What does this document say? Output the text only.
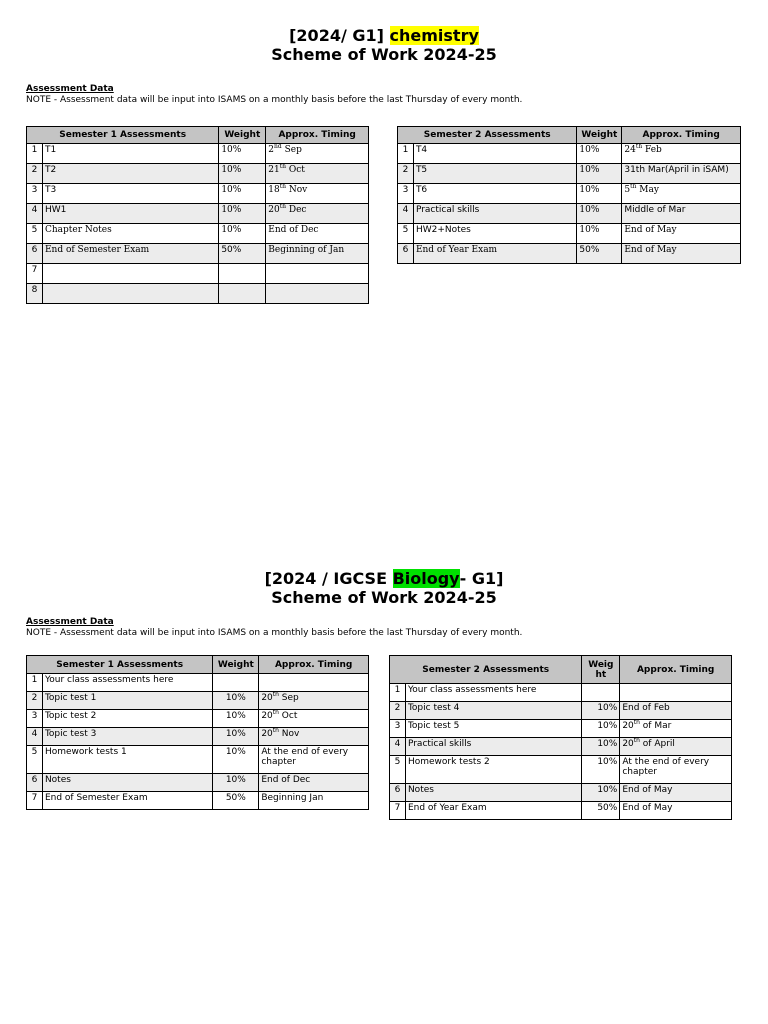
[2024/ G1] chemistry
Scheme of Work 2024-25
Assessment Data
NOTE - Assessment data will be input into ISAMS on a monthly basis before the last Thursday of every month.
Semester 1 Assessments		Weight	Approx. Timing
1	T1	10%	2nd Sep
2	T2	10%	21th Oct
3	T3	10%	18th Nov
4	HW1	10%	20th Dec
5	Chapter Notes	10%	End of Dec
6	End of Semester Exam	50%	Beginning of Jan
7			
8			
Semester 2 Assessments		Weight	Approx. Timing
1	T4	10%	24th Feb
2	T5	10%	31th Mar(April in iSAM)
3	T6	10%	5th May
4	Practical skills	10%	Middle of Mar
5	HW2+Notes	10%	End of May
6	End of Year Exam	50%	End of May
[2024 / IGCSE Biology- G1]
Scheme of Work 2024-25
Assessment Data
NOTE - Assessment data will be input into ISAMS on a monthly basis before the last Thursday of every month.
Semester 1 Assessments		Weight	Approx. Timing
1	Your class assessments here		
2	Topic test 1	10%	20th Sep
3	Topic test 2	10%	20th Oct
4	Topic test 3	10%	20th Nov
5	Homework tests 1	10%	At the end of every chapter
6	Notes	10%	End of Dec
7	End of Semester Exam	50%	Beginning Jan
Semester 2 Assessments		Weig ht	Approx. Timing
1	Your class assessments here		
2	Topic test 4	10%	End of Feb
3	Topic test 5	10%	20th of Mar
4	Practical skills	10%	20th of April
5	Homework tests 2	10%	At the end of every chapter
6	Notes	10%	End of May
7	End of Year Exam	50%	End of May
